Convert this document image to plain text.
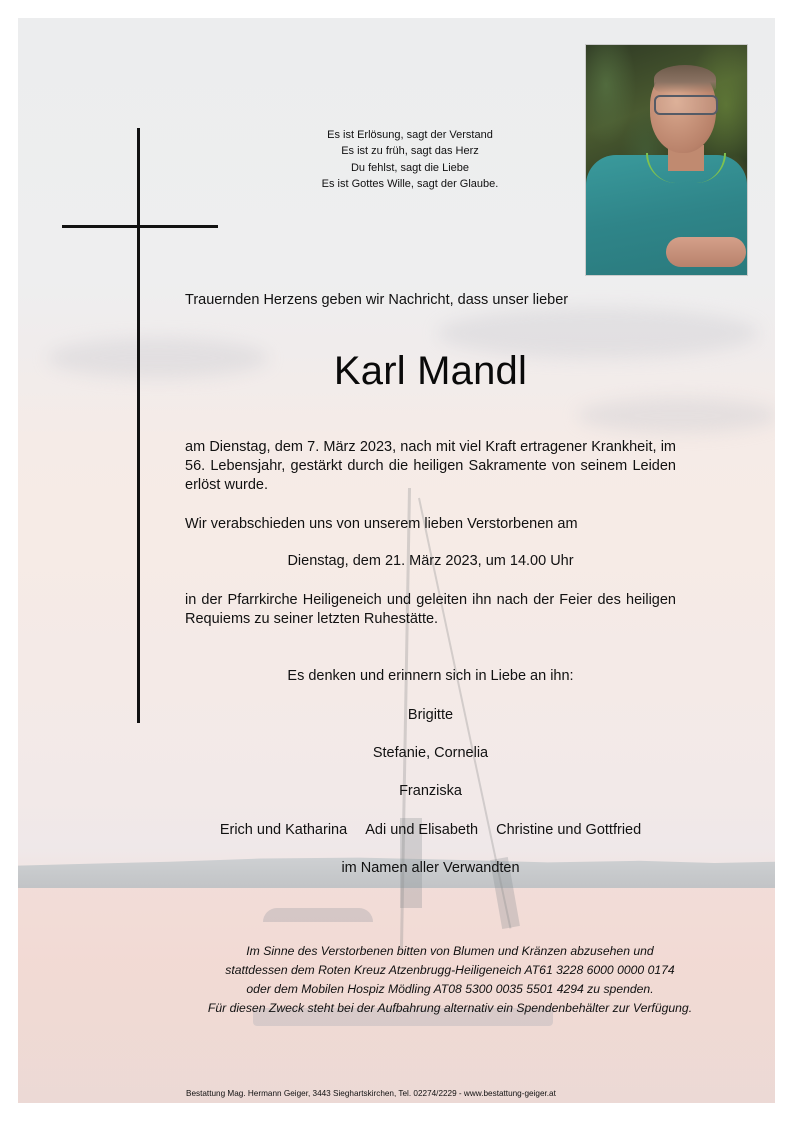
Es ist Erlösung, sagt der Verstand
Es ist zu früh, sagt das Herz
Du fehlst, sagt die Liebe
Es ist Gottes Wille, sagt der Glaube.
Trauernden Herzens geben wir Nachricht, dass unser lieber
Karl Mandl
am Dienstag, dem 7. März 2023, nach mit viel Kraft ertragener Krankheit, im 56. Lebensjahr, gestärkt durch die heiligen Sakramente von seinem Leiden erlöst wurde.
Wir verabschieden uns von unserem lieben Verstorbenen am
Dienstag, dem 21. März 2023, um 14.00 Uhr
in der Pfarrkirche Heiligeneich und geleiten ihn nach der Feier des heiligen Requiems zu seiner letzten Ruhestätte.
Es denken und erinnern sich in Liebe an ihn:
Brigitte
Stefanie, Cornelia
Franziska
Erich und Katharina Adi und Elisabeth Christine und Gottfried
im Namen aller Verwandten
Im Sinne des Verstorbenen bitten von Blumen und Kränzen abzusehen und
stattdessen dem Roten Kreuz Atzenbrugg-Heiligeneich AT61 3228 6000 0000 0174
oder dem Mobilen Hospiz Mödling AT08 5300 0035 5501 4294 zu spenden.
Für diesen Zweck steht bei der Aufbahrung alternativ ein Spendenbehälter zur Verfügung.
Bestattung Mag. Hermann Geiger, 3443 Sieghartskirchen, Tel. 02274/2229 - www.bestattung-geiger.at
